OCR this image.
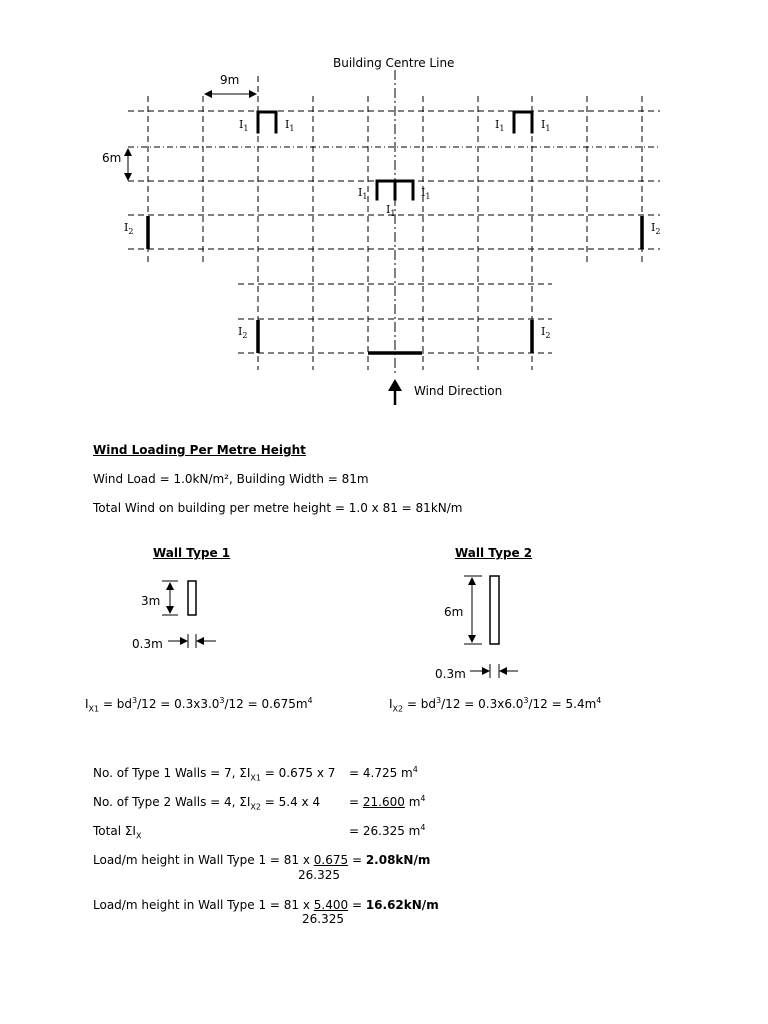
Building Centre Line
9m
6m
Wind Direction
$I_1$	$I_1$	$I_1$	$I_1$
$I_1$	$I_1$
$I_1$
$I_2$	$I_2$
$I_2$	$I_2$
Wind Loading Per Metre Height
Wind Load = 1.0kN/m², Building Width = 81m
Total Wind on building per metre height = 1.0 x 81 = 81kN/m
Wall Type 1	Wall Type 2
3m
0.3m
6m
0.3m
$I_{X1} = bd^3/12 = 0.3x3.0^3/12 = 0.675m^4$	$I_{X2} = bd^3/12 = 0.3x6.0^3/12 = 5.4m^4$
No. of Type 1 Walls = 7, $\Sigma I_{X1} = 0.675$ x 7 = 4.725 $m^4$
No. of Type 2 Walls = 4, $\Sigma I_{X2} = 5.4$ x 4 = 21.600 $m^4$
Total $\Sigma I_X$	= 26.325 $m^4$
Load/m height in Wall Type 1 = 81 x 0.675 = 2.08kN/m
26.325
Load/m height in Wall Type 1 = 81 x 5.400 = 16.62kN/m
26.325
